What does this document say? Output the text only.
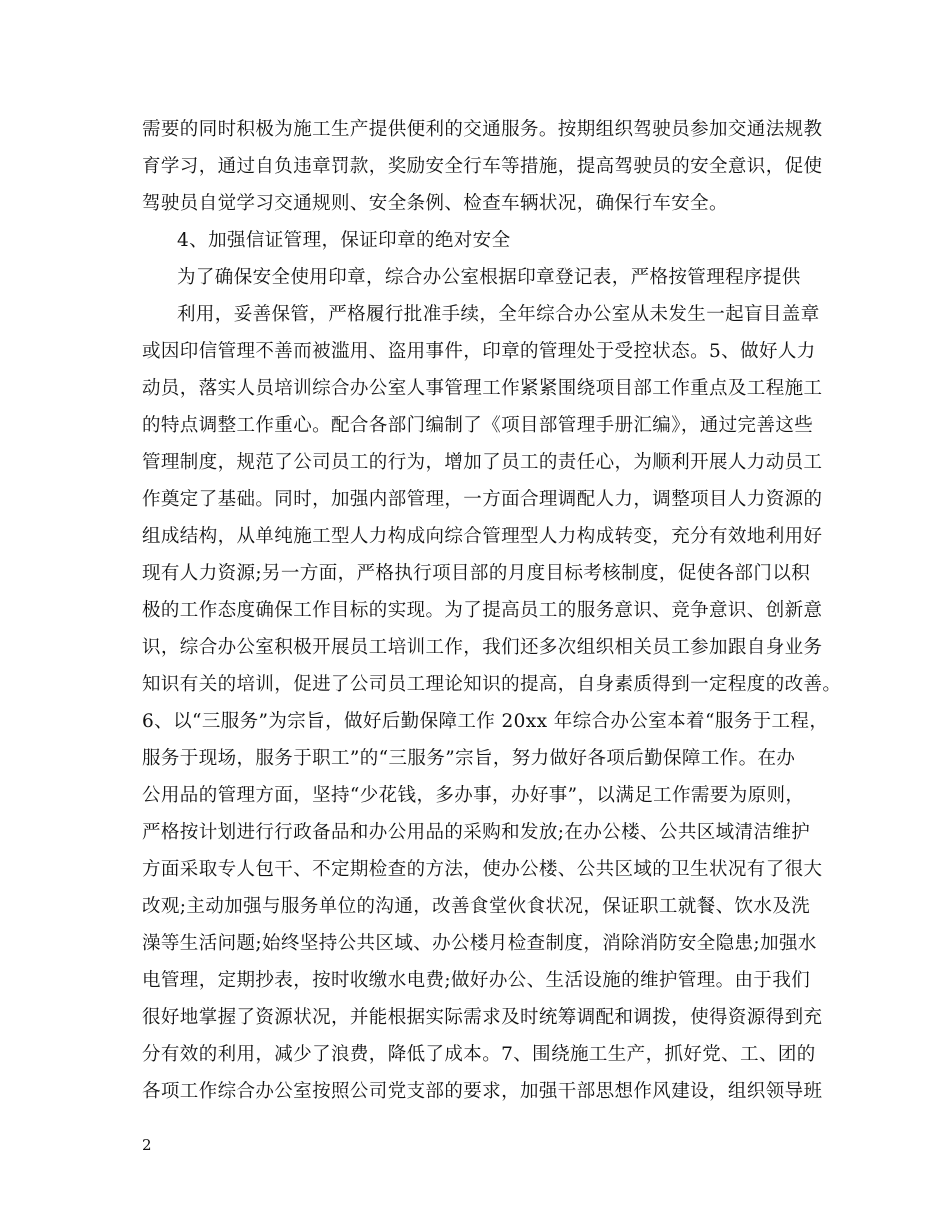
需要的同时积极为施工生产提供便利的交通服务。按期组织驾驶员参加交通法规教
育学习，通过自负违章罚款，奖励安全行车等措施，提高驾驶员的安全意识，促使
驾驶员自觉学习交通规则、安全条例、检查车辆状况，确保行车安全。
4、加强信证管理，保证印章的绝对安全
为了确保安全使用印章，综合办公室根据印章登记表，严格按管理程序提供
利用，妥善保管，严格履行批准手续，全年综合办公室从未发生一起盲目盖章
或因印信管理不善而被滥用、盗用事件，印章的管理处于受控状态。5、做好人力
动员，落实人员培训综合办公室人事管理工作紧紧围绕项目部工作重点及工程施工
的特点调整工作重心。配合各部门编制了《项目部管理手册汇编》，通过完善这些
管理制度，规范了公司员工的行为，增加了员工的责任心，为顺利开展人力动员工
作奠定了基础。同时，加强内部管理，一方面合理调配人力，调整项目人力资源的
组成结构，从单纯施工型人力构成向综合管理型人力构成转变，充分有效地利用好
现有人力资源;另一方面，严格执行项目部的月度目标考核制度，促使各部门以积
极的工作态度确保工作目标的实现。为了提高员工的服务意识、竞争意识、创新意
识，综合办公室积极开展员工培训工作，我们还多次组织相关员工参加跟自身业务
知识有关的培训，促进了公司员工理论知识的提高，自身素质得到一定程度的改善。
6、以“三服务”为宗旨，做好后勤保障工作 20xx 年综合办公室本着“服务于工程，
服务于现场，服务于职工”的“三服务”宗旨，努力做好各项后勤保障工作。在办
公用品的管理方面，坚持“少花钱，多办事，办好事”，以满足工作需要为原则，
严格按计划进行行政备品和办公用品的采购和发放;在办公楼、公共区域清洁维护
方面采取专人包干、不定期检查的方法，使办公楼、公共区域的卫生状况有了很大
改观;主动加强与服务单位的沟通，改善食堂伙食状况，保证职工就餐、饮水及洗
澡等生活问题;始终坚持公共区域、办公楼月检查制度，消除消防安全隐患;加强水
电管理，定期抄表，按时收缴水电费;做好办公、生活设施的维护管理。由于我们
很好地掌握了资源状况，并能根据实际需求及时统筹调配和调拨，使得资源得到充
分有效的利用，减少了浪费，降低了成本。7、围绕施工生产，抓好党、工、团的
各项工作综合办公室按照公司党支部的要求，加强干部思想作风建设，组织领导班
2
